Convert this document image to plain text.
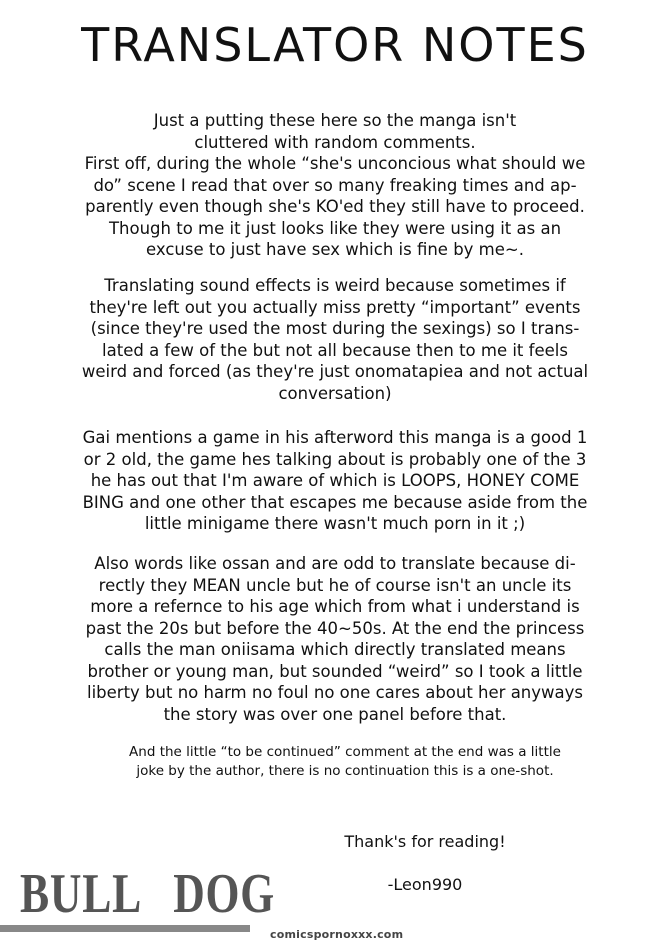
TRANSLATOR NOTES
Just a putting these here so the manga isn't
cluttered with random comments.
First off, during the whole “she's unconcious what should we
do” scene I read that over so many freaking times and ap-
parently even though she's KO'ed they still have to proceed.
Though to me it just looks like they were using it as an
excuse to just have sex which is fine by me~.
Translating sound effects is weird because sometimes if
they're left out you actually miss pretty “important” events
(since they're used the most during the sexings) so I trans-
lated a few of the but not all because then to me it feels
weird and forced (as they're just onomatapiea and not actual
conversation)
Gai mentions a game in his afterword this manga is a good 1
or 2 old, the game hes talking about is probably one of the 3
he has out that I'm aware of which is LOOPS, HONEY COME
BING and one other that escapes me because aside from the
little minigame there wasn't much porn in it ;)
Also words like ossan and are odd to translate because di-
rectly they MEAN uncle but he of course isn't an uncle its
more a refernce to his age which from what i understand is
past the 20s but before the 40~50s. At the end the princess
calls the man oniisama which directly translated means
brother or young man, but sounded “weird” so I took a little
liberty but no harm no foul no one cares about her anyways
the story was over one panel before that.
And the little “to be continued” comment at the end was a little
joke by the author, there is no continuation this is a one-shot.
Thank's for reading!
-Leon990
BULL DOG
comicspornoxxx.com
